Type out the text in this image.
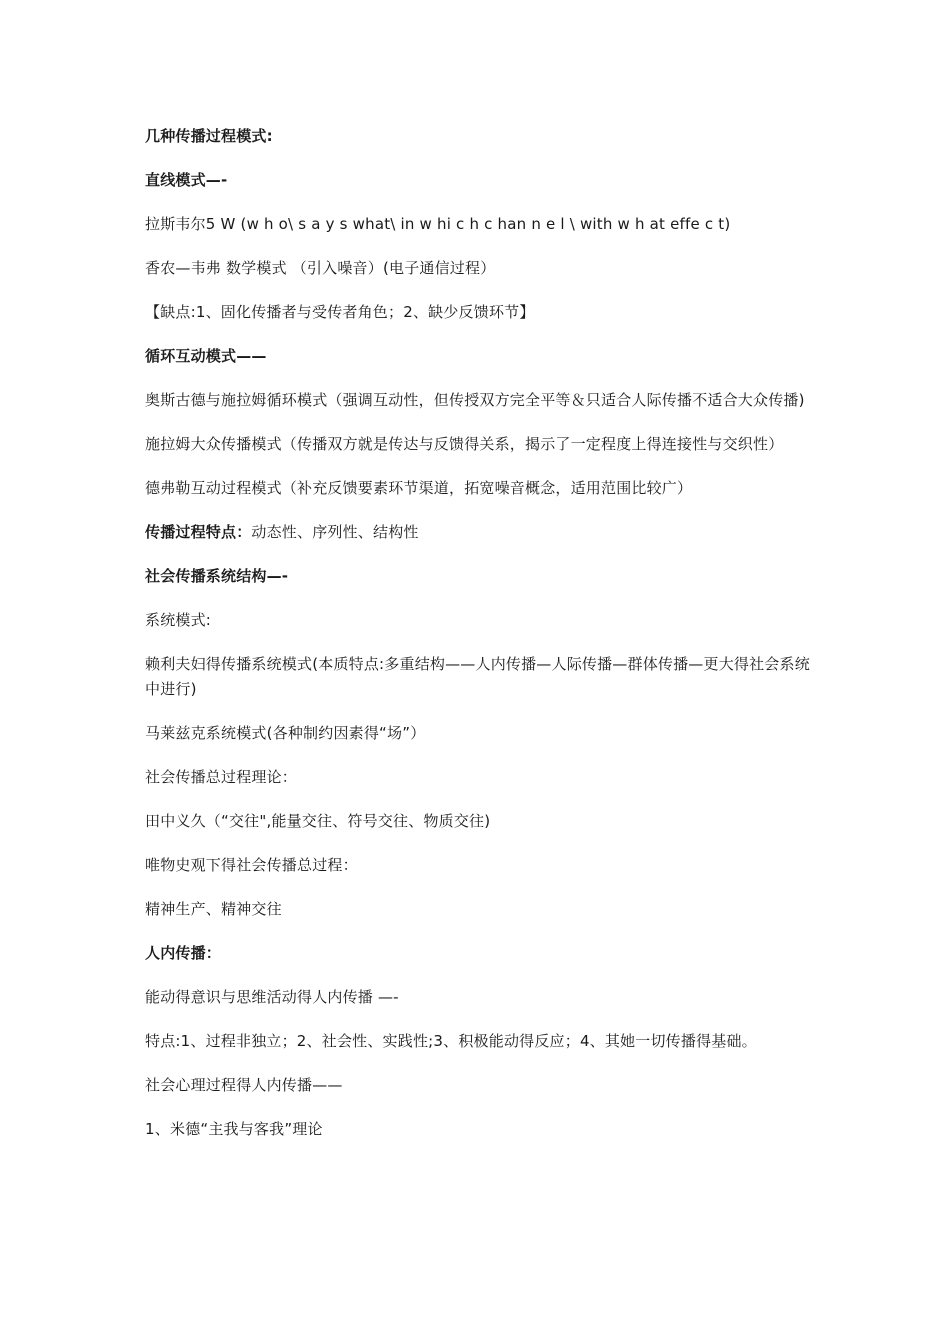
几种传播过程模式:

直线模式—-

拉斯韦尔5 W (w h o\ s a y s what\ in w hi c h c han n e l \ with w h at effe c t)

香农—韦弗 数学模式 （引入噪音）(电子通信过程）

【缺点:1、固化传播者与受传者角色；2、缺少反馈环节】

循环互动模式——

奥斯古德与施拉姆循环模式（强调互动性，但传授双方完全平等＆只适合人际传播不适合大众传播)

施拉姆大众传播模式（传播双方就是传达与反馈得关系，揭示了一定程度上得连接性与交织性）

德弗勒互动过程模式（补充反馈要素环节渠道，拓宽噪音概念，适用范围比较广）

传播过程特点：动态性、序列性、结构性

社会传播系统结构—-

系统模式:

赖利夫妇得传播系统模式(本质特点:多重结构——人内传播—人际传播—群体传播—更大得社会系统中进行)

马莱兹克系统模式(各种制约因素得“场”）

社会传播总过程理论：

田中义久（“交往",能量交往、符号交往、物质交往)

唯物史观下得社会传播总过程：

精神生产、精神交往

人内传播：

能动得意识与思维活动得人内传播 —-

特点:1、过程非独立；2、社会性、实践性;3、积极能动得反应；4、其她一切传播得基础。

社会心理过程得人内传播——

1、米德“主我与客我”理论
